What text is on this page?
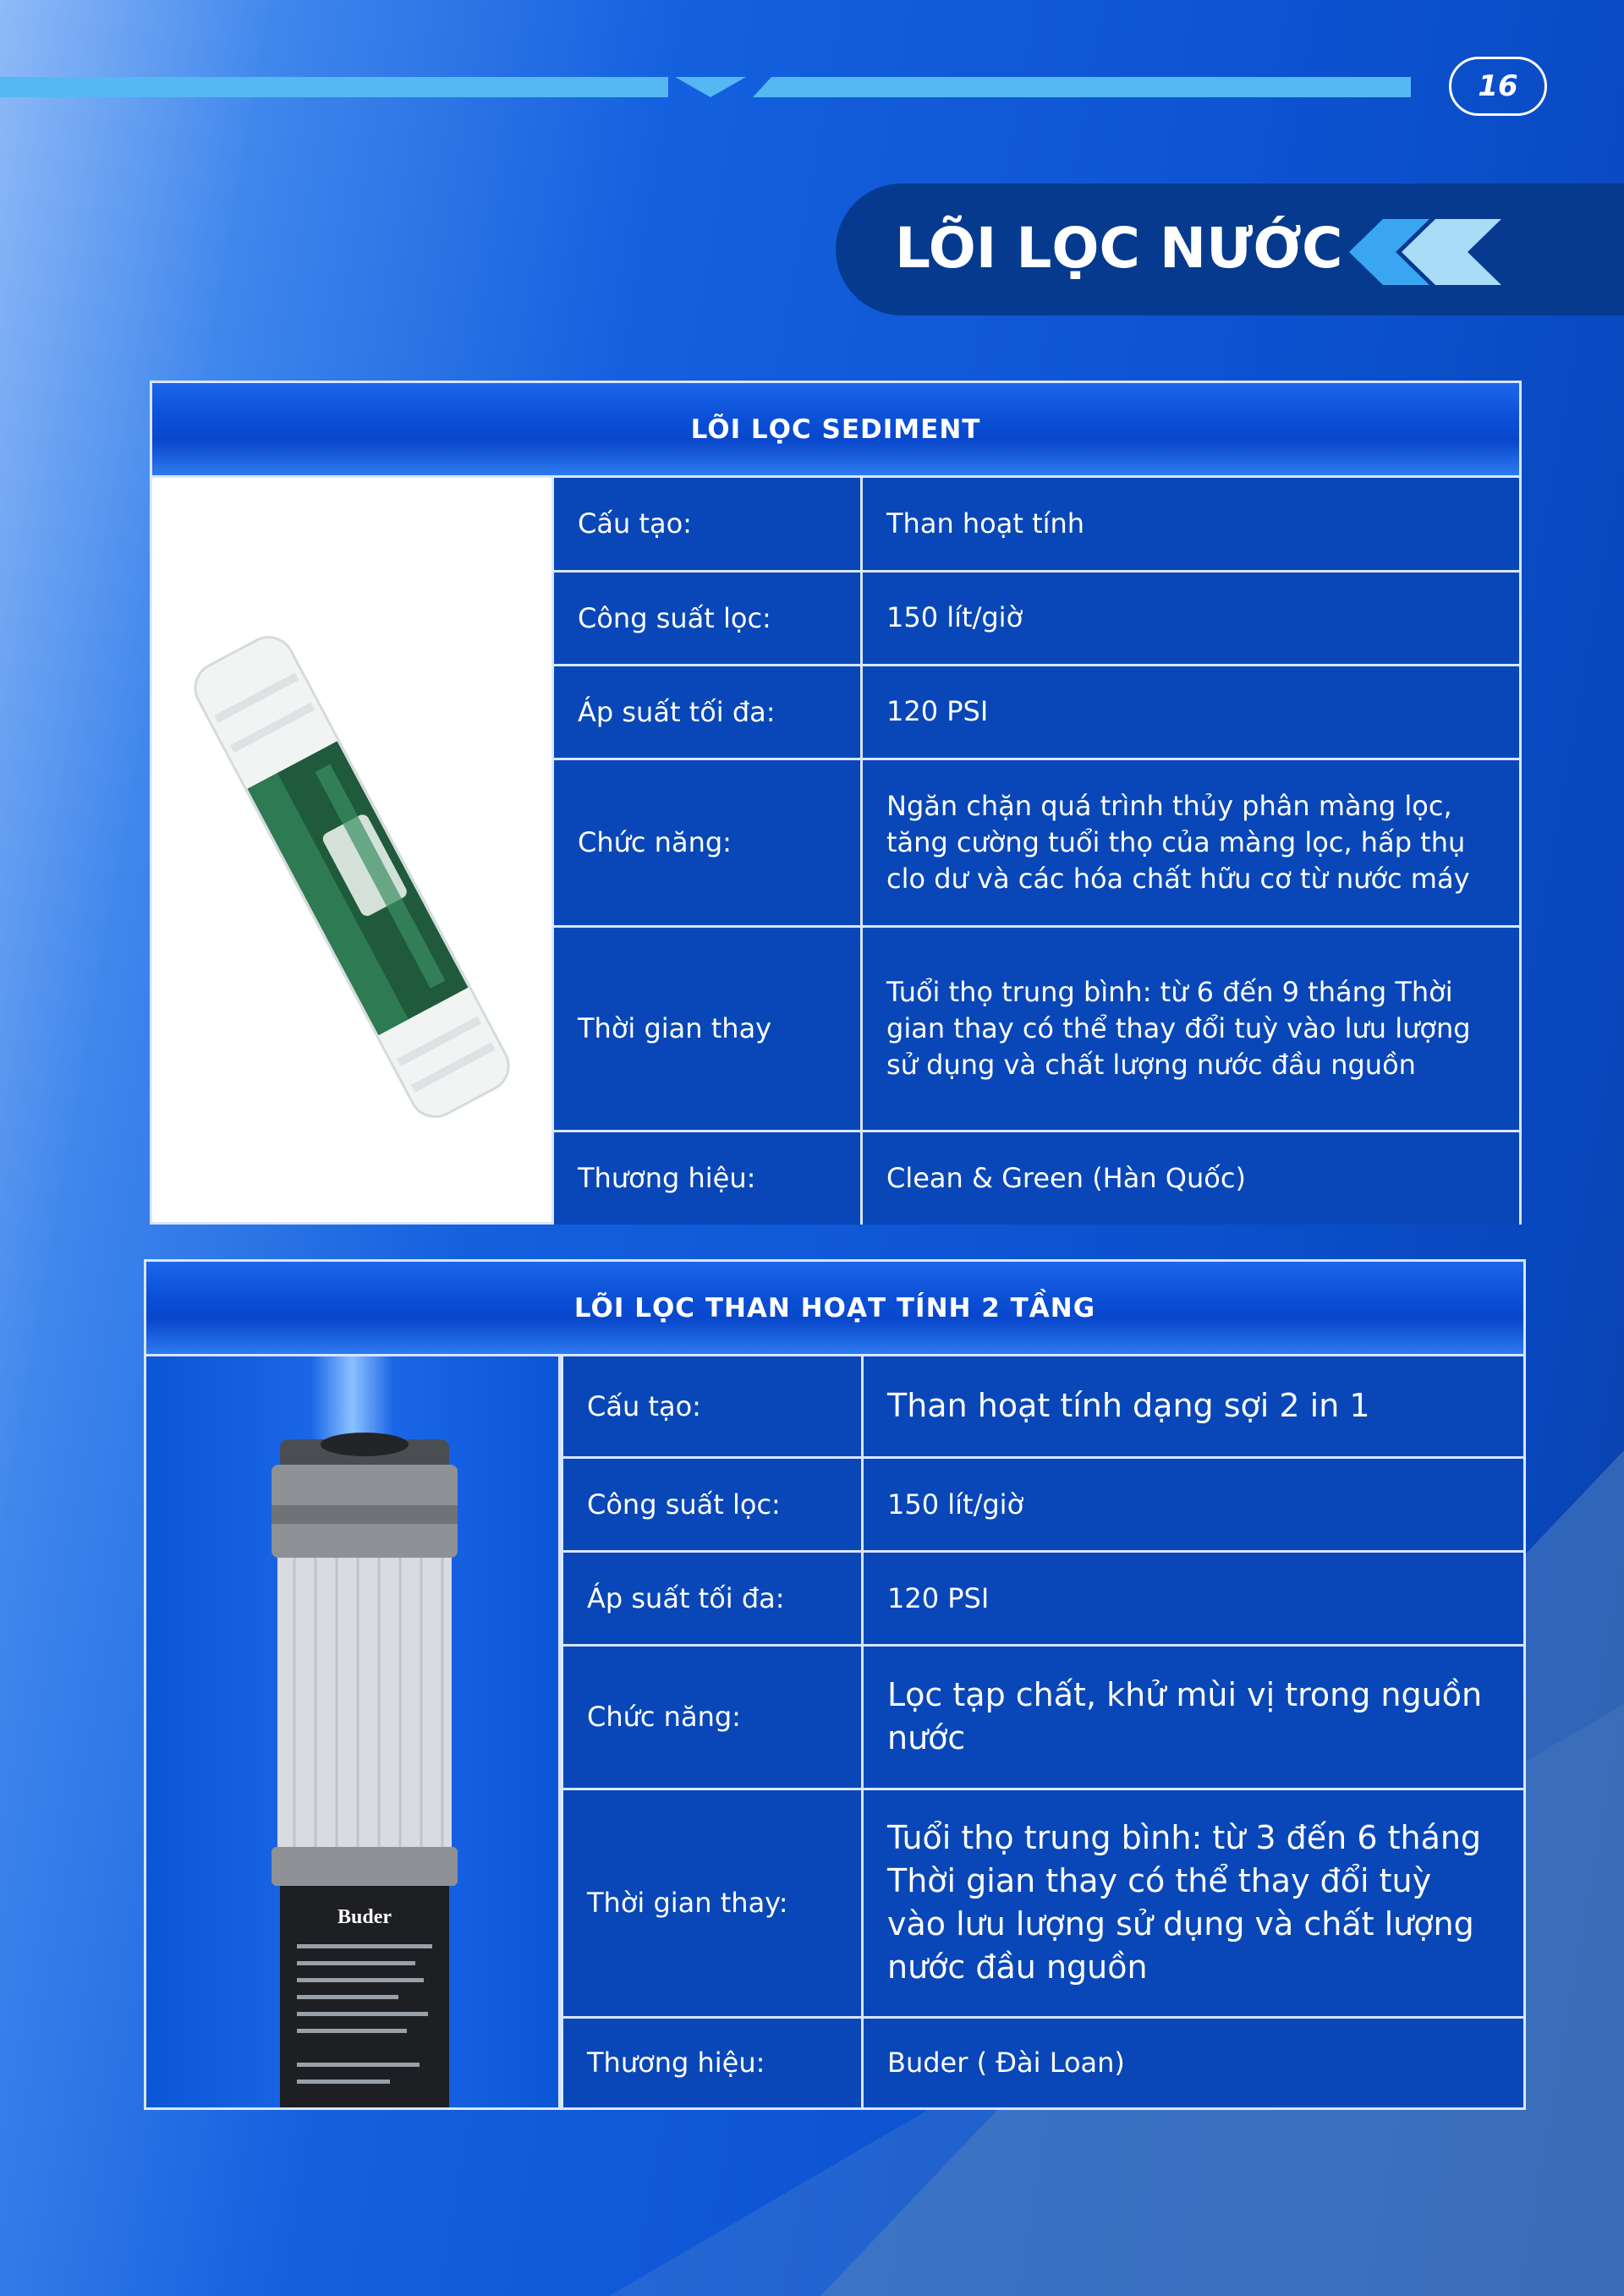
16
LÕI LỌC NƯỚC
LÕI LỌC SEDIMENT
Cấu tạo:	Than hoạt tính
Công suất lọc:	150 lít/giờ
Áp suất tối đa:	120 PSI
Chức năng:	Ngăn chặn quá trình thủy phân màng lọc, tăng cường tuổi thọ của màng lọc, hấp thụ clo dư và các hóa chất hữu cơ từ nước máy
Thời gian thay	Tuổi thọ trung bình: từ 6 đến 9 tháng Thời gian thay có thể thay đổi tuỳ vào lưu lượng sử dụng và chất lượng nước đầu nguồn
Thương hiệu:	Clean & Green (Hàn Quốc)
LÕI LỌC THAN HOẠT TÍNH 2 TẦNG
Buder
Cấu tạo:	Than hoạt tính dạng sợi 2 in 1
Công suất lọc:	150 lít/giờ
Áp suất tối đa:	120 PSI
Chức năng:	Lọc tạp chất, khử mùi vị trong nguồn nước
Thời gian thay:	Tuổi thọ trung bình: từ 3 đến 6 tháng Thời gian thay có thể thay đổi tuỳ vào lưu lượng sử dụng và chất lượng nước đầu nguồn
Thương hiệu:	Buder ( Đài Loan)
